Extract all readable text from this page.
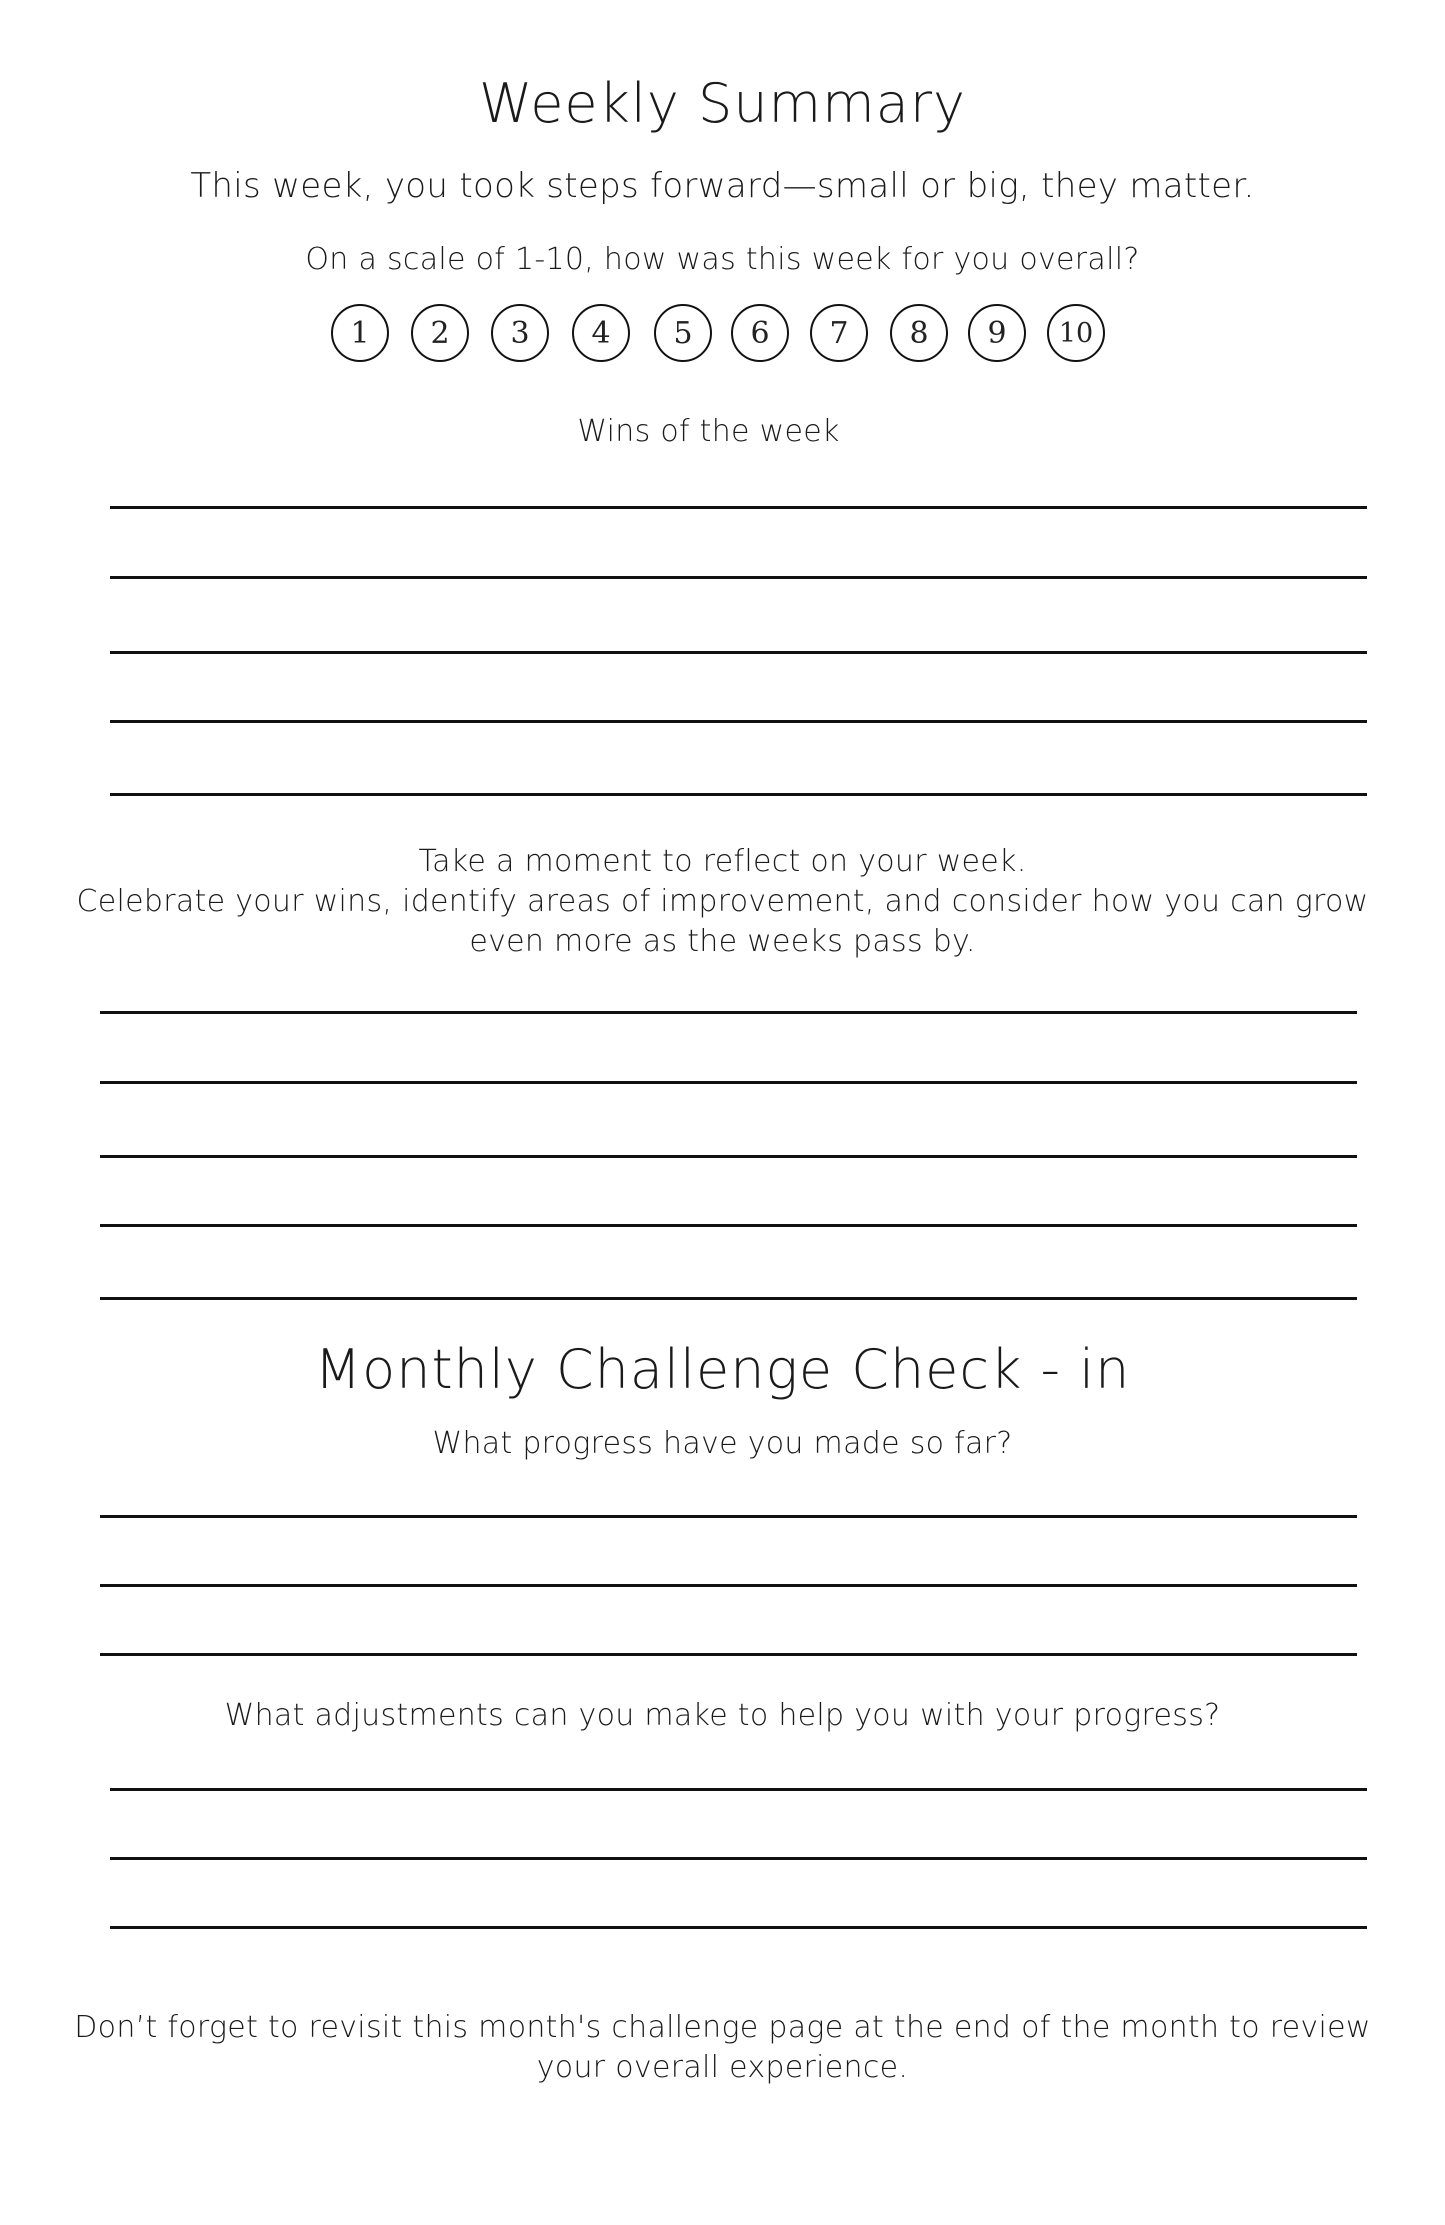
Weekly Summary

This week, you took steps forward—small or big, they matter.

On a scale of 1-10, how was this week for you overall?

1	2	3	4	5	6	7	8	9	10

Wins of the week

Take a moment to reflect on your week.
Celebrate your wins, identify areas of improvement, and consider how you can grow
even more as the weeks pass by.
Monthly Challenge Check - in

What progress have you made so far?

What adjustments can you make to help you with your progress?

Don’t forget to revisit this month's challenge page at the end of the month to review
your overall experience.
